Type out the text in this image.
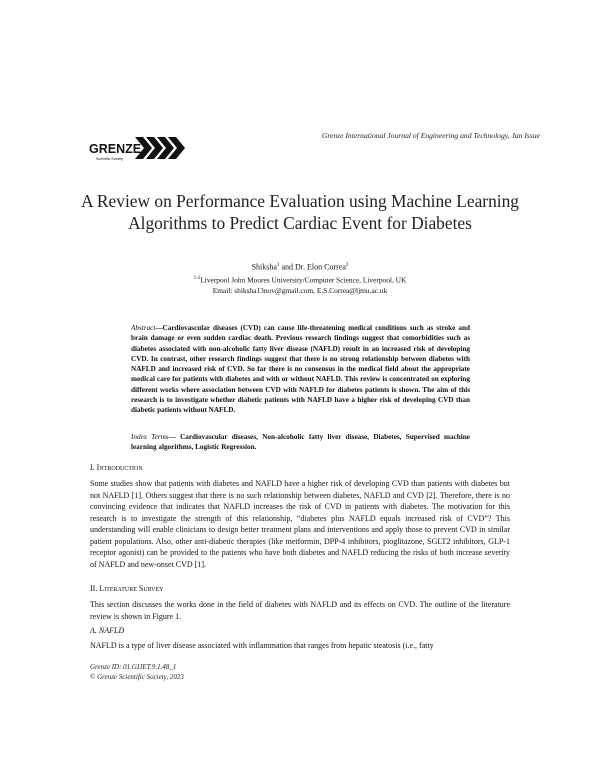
Grenze International Journal of Engineering and Technology, Jan Issue
GRENZE
Scientific Society
A Review on Performance Evaluation using Machine Learning Algorithms to Predict Cardiac Event for Diabetes
Shiksha$^1$ and Dr. Elon Correa$^2$
$^{1-2}$Liverpool John Moores University/Computer Science, Liverpool, UK
Email: shiksha13nov@gmail.com, E.S.Correa@ljmu.ac.uk
Abstract—Cardiovascular diseases (CVD) can cause life-threatening medical conditions such as stroke and brain damage or even sudden cardiac death. Previous research findings suggest that comorbidities such as diabetes associated with non-alcoholic fatty liver disease (NAFLD) result in an increased risk of developing CVD. In contrast, other research findings suggest that there is no strong relationship between diabetes with NAFLD and increased risk of CVD. So far there is no consensus in the medical field about the appropriate medical care for patients with diabetes and with or without NAFLD. This review is concentrated on exploring different works where association between CVD with NAFLD for diabetes patients is shown. The aim of this research is to investigate whether diabetic patients with NAFLD have a higher risk of developing CVD than diabetic patients without NAFLD.
Index Terms— Cardiovascular diseases, Non-alcoholic fatty liver disease, Diabetes, Supervised machine learning algorithms, Logistic Regression.
I. Introduction
Some studies show that patients with diabetes and NAFLD have a higher risk of developing CVD than patients with diabetes but not NAFLD [1]. Others suggest that there is no such relationship between diabetes, NAFLD and CVD [2]. Therefore, there is no convincing evidence that indicates that NAFLD increases the risk of CVD in patients with diabetes. The motivation for this research is to investigate the strength of this relationship, “diabetes plus NAFLD equals increased risk of CVD”? This understanding will enable clinicians to design better treatment plans and interventions and apply those to prevent CVD in similar patient populations. Also, other anti-diabetic therapies (like metformin, DPP-4 inhibitors, pioglitazone, SGLT2 inhibitors, GLP-1 receptor agonist) can be provided to the patients who have both diabetes and NAFLD reducing the risks of both increase severity of NAFLD and new-onset CVD [1].
II. Literature Survey
This section discusses the works done in the field of diabetes with NAFLD and its effects on CVD. The outline of the literature review is shown in Figure 1.
A. NAFLD
NAFLD is a type of liver disease associated with inflammation that ranges from hepatic steatosis (i.e., fatty
Grenze ID: 01.GIJET.9.1.48_1
© Grenze Scientific Society, 2023
